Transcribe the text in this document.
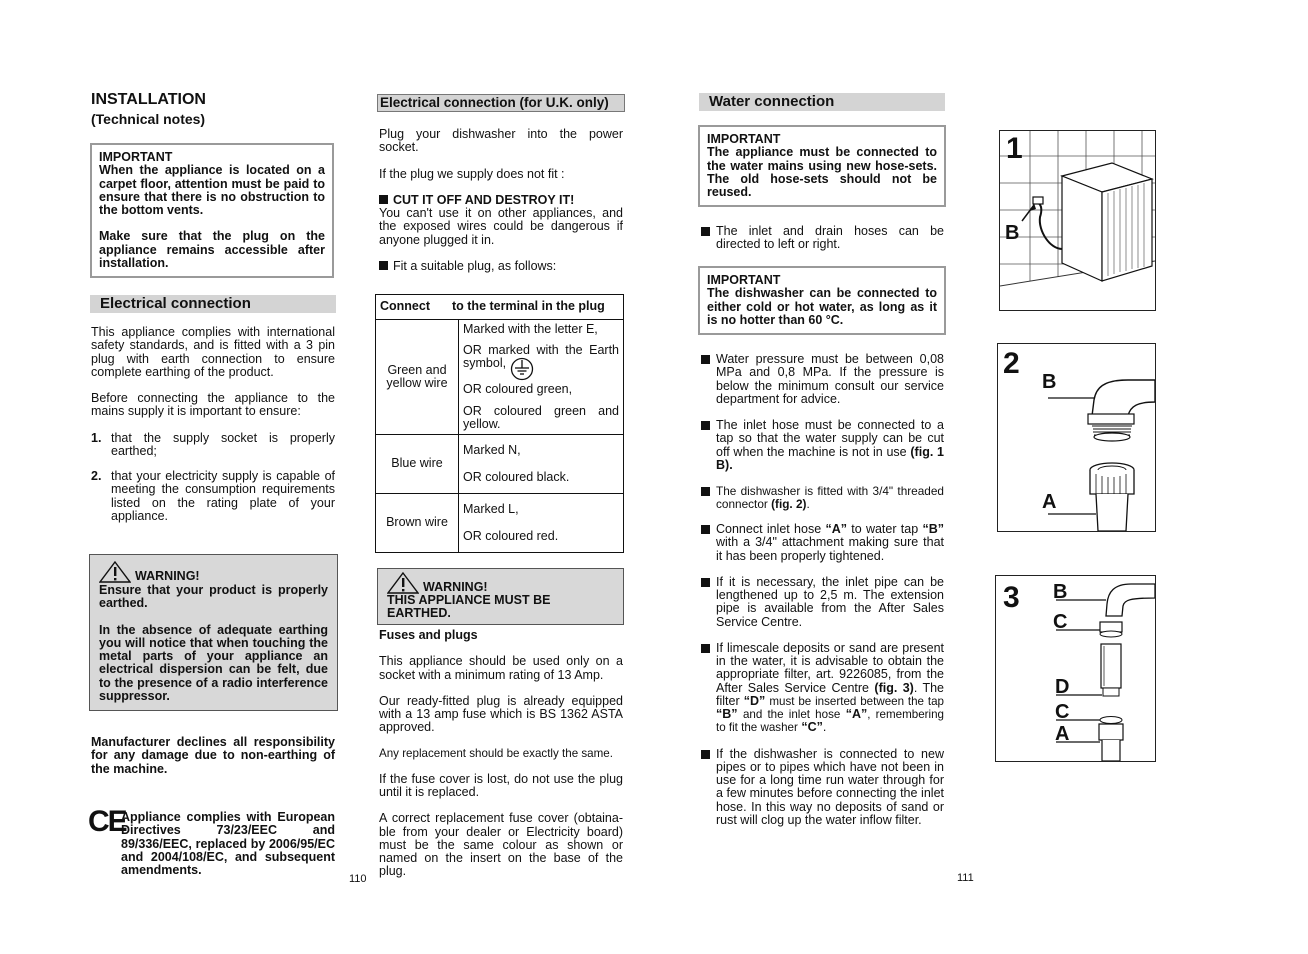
INSTALLATION
(Technical notes)

IMPORTANT

When the appliance is located on a carpet floor, attention must be paid to ensure that there is no obstruction to the bottom vents.

Make sure that the plug on the appliance remains accessible after installation.

Electrical connection

This appliance complies with international safety standards, and is fitted with a 3 pin plug with earth connection to ensure complete earthing of the product.

Before connecting the appliance to the mains supply it is important to ensure:

1. that the supply socket is properly earthed;
2. that your electricity supply is capable of meeting the consumption requirements listed on the rating plate of your appliance.
WARNING!

Ensure that your product is properly earthed.

In the absence of adequate earthing you will notice that when touching the metal parts of your appliance an electrical dispersion can be felt, due to the presence of a radio interference suppressor.

Manufacturer declines all responsibility for any damage due to non-earthing of the machine.
CE
Appliance complies with European Directives 73/23/EEC and 89/336/EEC, replaced by 2006/95/EC and 2004/108/EC, and subsequent amendments.
110
Electrical connection (for U.K. only)

Plug your dishwasher into the power socket.

If the plug we supply does not fit :

CUT IT OFF AND DESTROY IT!

You can't use it on other appliances, and the exposed wires could be dangerous if anyone plugged it in.

Fit a suitable plug, as follows:

Connect to the terminal in the plug	
Green and yellow wire	Marked with the letter E,

OR marked with the Earth symbol,

OR coloured green,

OR coloured green and yellow.

Blue wire	Marked N,

OR coloured black.

Brown wire	Marked L,

OR coloured red.

WARNING!

THIS APPLIANCE MUST BE EARTHED.

Fuses and plugs

This appliance should be used only on a socket with a minimum rating of 13 Amp.

Our ready-fitted plug is already equipped with a 13 amp fuse which is BS 1362 ASTA approved.

Any replacement should be exactly the same.

If the fuse cover is lost, do not use the plug until it is replaced.

A correct replacement fuse cover (obtaina- ble from your dealer or Electricity board) must be the same colour as shown or named on the insert on the base of the plug.

Water connection

IMPORTANT

The appliance must be connected to the water mains using new hose-sets. The old hose-sets should not be reused.

The inlet and drain hoses can be directed to left or right.

IMPORTANT

The dishwasher can be connected to either cold or hot water, as long as it is no hotter than 60 °C.

Water pressure must be between 0,08 MPa and 0,8 MPa. If the pressure is below the minimum consult our service department for advice.
The inlet hose must be connected to a tap so that the water supply can be cut off when the machine is not in use (fig. 1 B).
The dishwasher is fitted with 3/4" threaded connector (fig. 2).
Connect inlet hose “A” to water tap “B” with a 3/4" attachment making sure that it has been properly tightened.
If it is necessary, the inlet pipe can be lengthened up to 2,5 m. The extension pipe is available from the After Sales Service Centre.
If limescale deposits or sand are present in the water, it is advisable to obtain the appropriate filter, art. 9226085, from the After Sales Service Centre (fig. 3). The filter “D” must be inserted between the tap “B” and the inlet hose “A”, remembering to fit the washer “C”.
If the dishwasher is connected to new pipes or to pipes which have not been in use for a long time run water through for a few minutes before connecting the inlet hose. In this way no deposits of sand or rust will clog up the water inflow filter.
111
1
B
2
B
A
3 B
C
D
C
A
